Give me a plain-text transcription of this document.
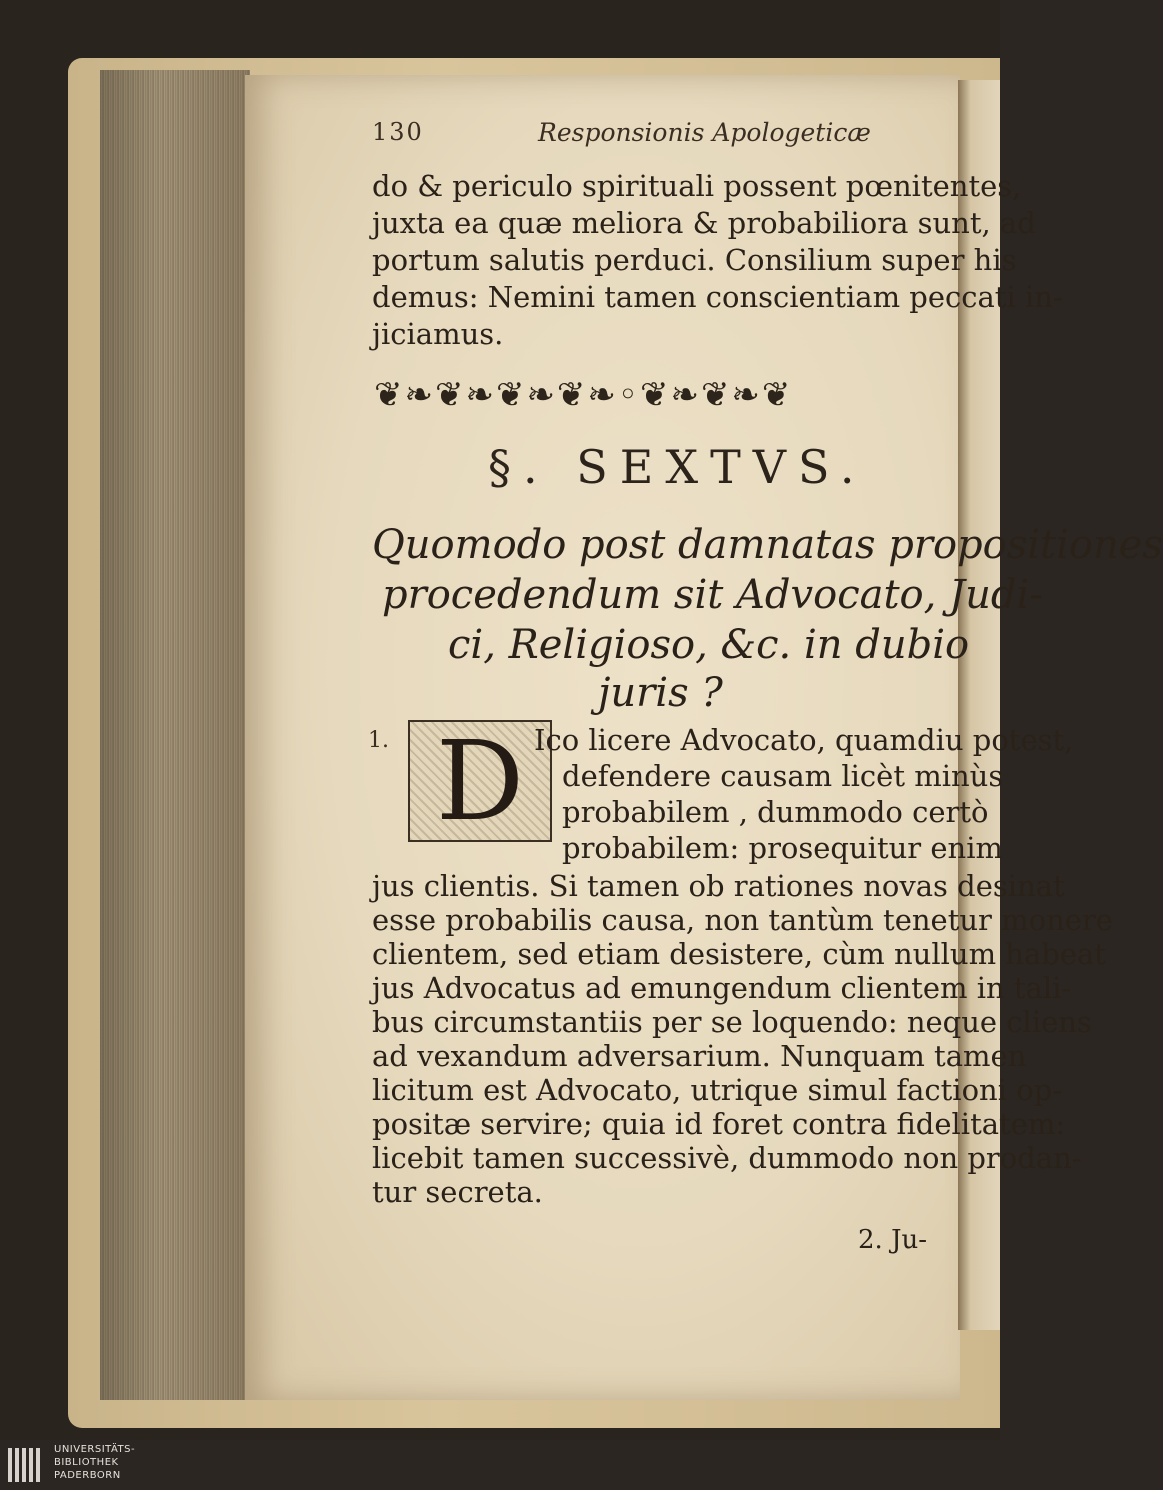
130	Responsionis Apologeticæ
do & periculo spirituali possent pœnitentes,
juxta ea quæ meliora & probabiliora sunt, ad
portum salutis perduci. Consilium super his
demus: Nemini tamen conscientiam peccati in-
jiciamus.
❦❧❦❧❦❧❦❧◦❦❧❦❧❦
§. SEXTVS.
Quomodo post damnatas propositiones
procedendum sit Advocato, Judi-
ci, Religioso, &c. in dubio
juris ?
1. D Ico licere Advocato, quamdiu potest,
defendere causam licèt minùs
probabilem , dummodo certò
probabilem: prosequitur enim
jus clientis. Si tamen ob rationes novas desinat
esse probabilis causa, non tantùm tenetur monere
clientem, sed etiam desistere, cùm nullum habeat
jus Advocatus ad emungendum clientem in tali-
bus circumstantiis per se loquendo: neque cliens
ad vexandum adversarium. Nunquam tamen
licitum est Advocato, utrique simul factioni op-
positæ servire; quia id foret contra fidelitatem:
licebit tamen successivè, dummodo non prodan-
tur secreta.
2. Ju-
UNIVERSITÄTS-
BIBLIOTHEK
PADERBORN
